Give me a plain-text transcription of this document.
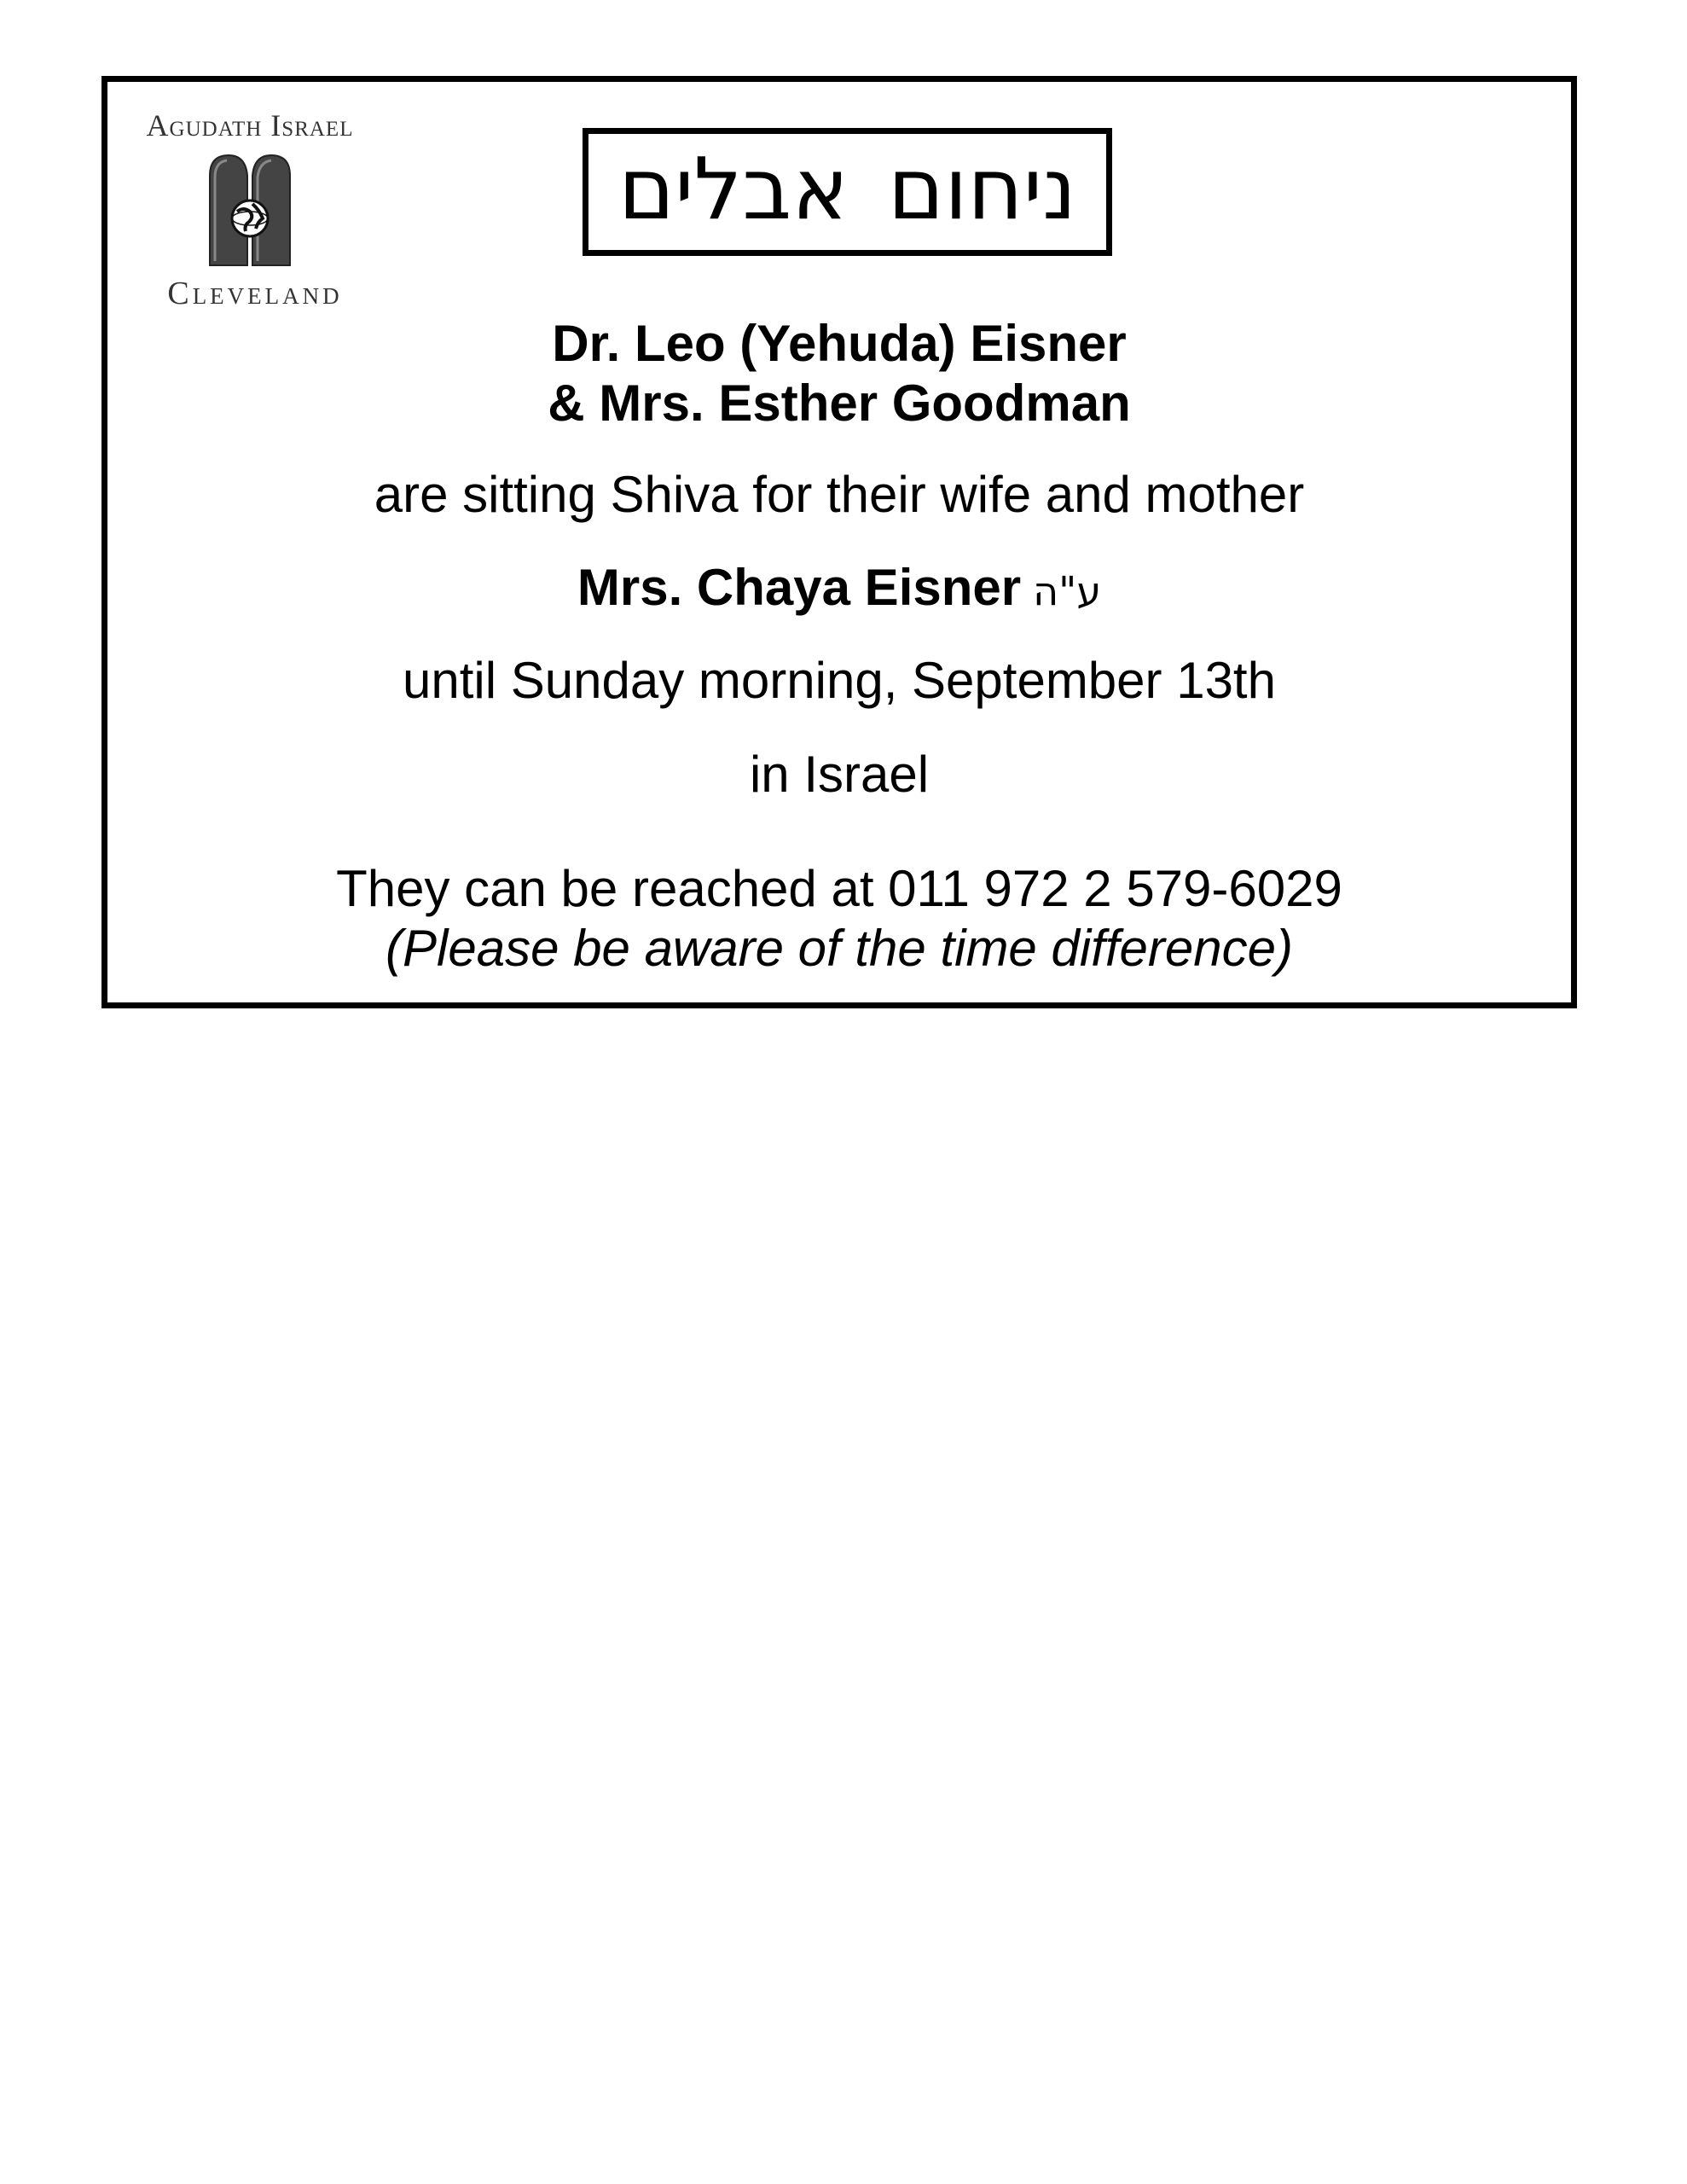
Agudath Israel
Cleveland
ניחום אבלים
Dr. Leo (Yehuda) Eisner
& Mrs. Esther Goodman
are sitting Shiva for their wife and mother
Mrs. Chaya Eisner ע"ה
until Sunday morning, September 13th
in Israel
They can be reached at 011 972 2 579-6029
(Please be aware of the time difference)
